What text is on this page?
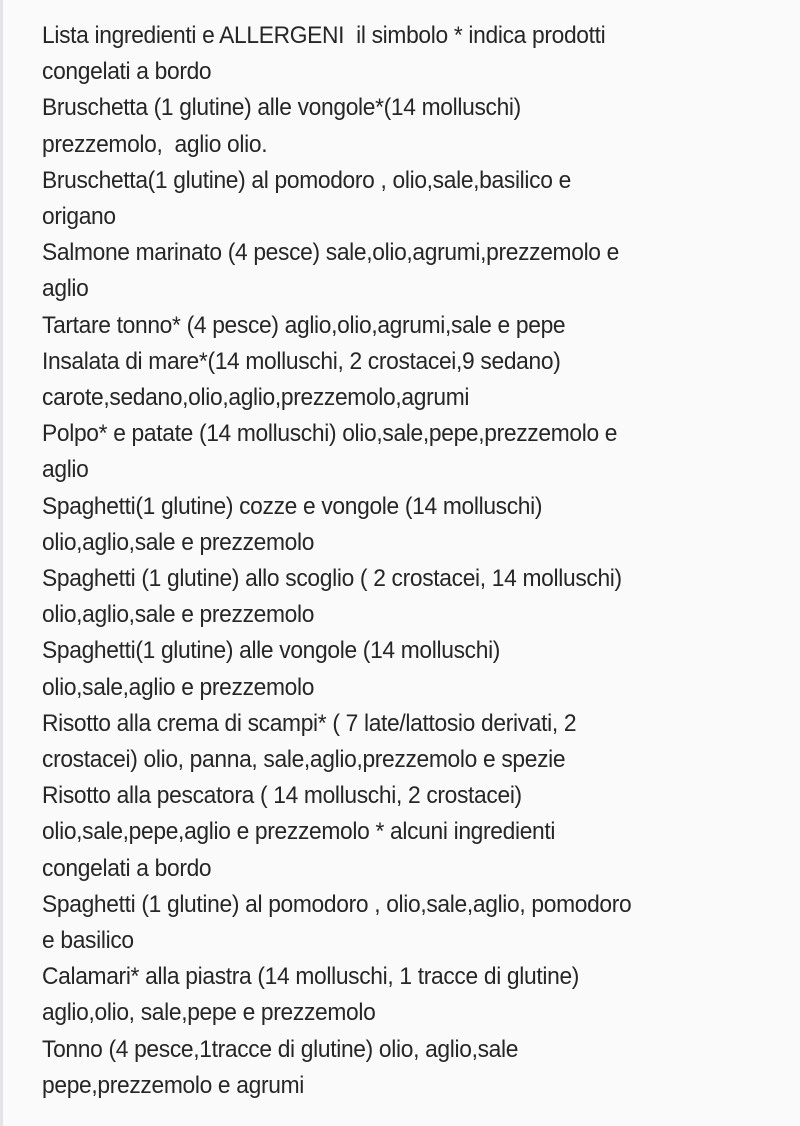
Lista ingredienti e ALLERGENI  il simbolo * indica prodotti
congelati a bordo
Bruschetta (1 glutine) alle vongole*(14 molluschi)
prezzemolo,  aglio olio.
Bruschetta(1 glutine) al pomodoro , olio,sale,basilico e
origano
Salmone marinato (4 pesce) sale,olio,agrumi,prezzemolo e
aglio
Tartare tonno* (4 pesce) aglio,olio,agrumi,sale e pepe
Insalata di mare*(14 molluschi, 2 crostacei,9 sedano)
carote,sedano,olio,aglio,prezzemolo,agrumi
Polpo* e patate (14 molluschi) olio,sale,pepe,prezzemolo e
aglio
Spaghetti(1 glutine) cozze e vongole (14 molluschi)
olio,aglio,sale e prezzemolo
Spaghetti (1 glutine) allo scoglio ( 2 crostacei, 14 molluschi)
olio,aglio,sale e prezzemolo
Spaghetti(1 glutine) alle vongole (14 molluschi)
olio,sale,aglio e prezzemolo
Risotto alla crema di scampi* ( 7 late/lattosio derivati, 2
crostacei) olio, panna, sale,aglio,prezzemolo e spezie
Risotto alla pescatora ( 14 molluschi, 2 crostacei)
olio,sale,pepe,aglio e prezzemolo * alcuni ingredienti
congelati a bordo
Spaghetti (1 glutine) al pomodoro , olio,sale,aglio, pomodoro
e basilico
Calamari* alla piastra (14 molluschi, 1 tracce di glutine)
aglio,olio, sale,pepe e prezzemolo
Tonno (4 pesce,1tracce di glutine) olio, aglio,sale
pepe,prezzemolo e agrumi
